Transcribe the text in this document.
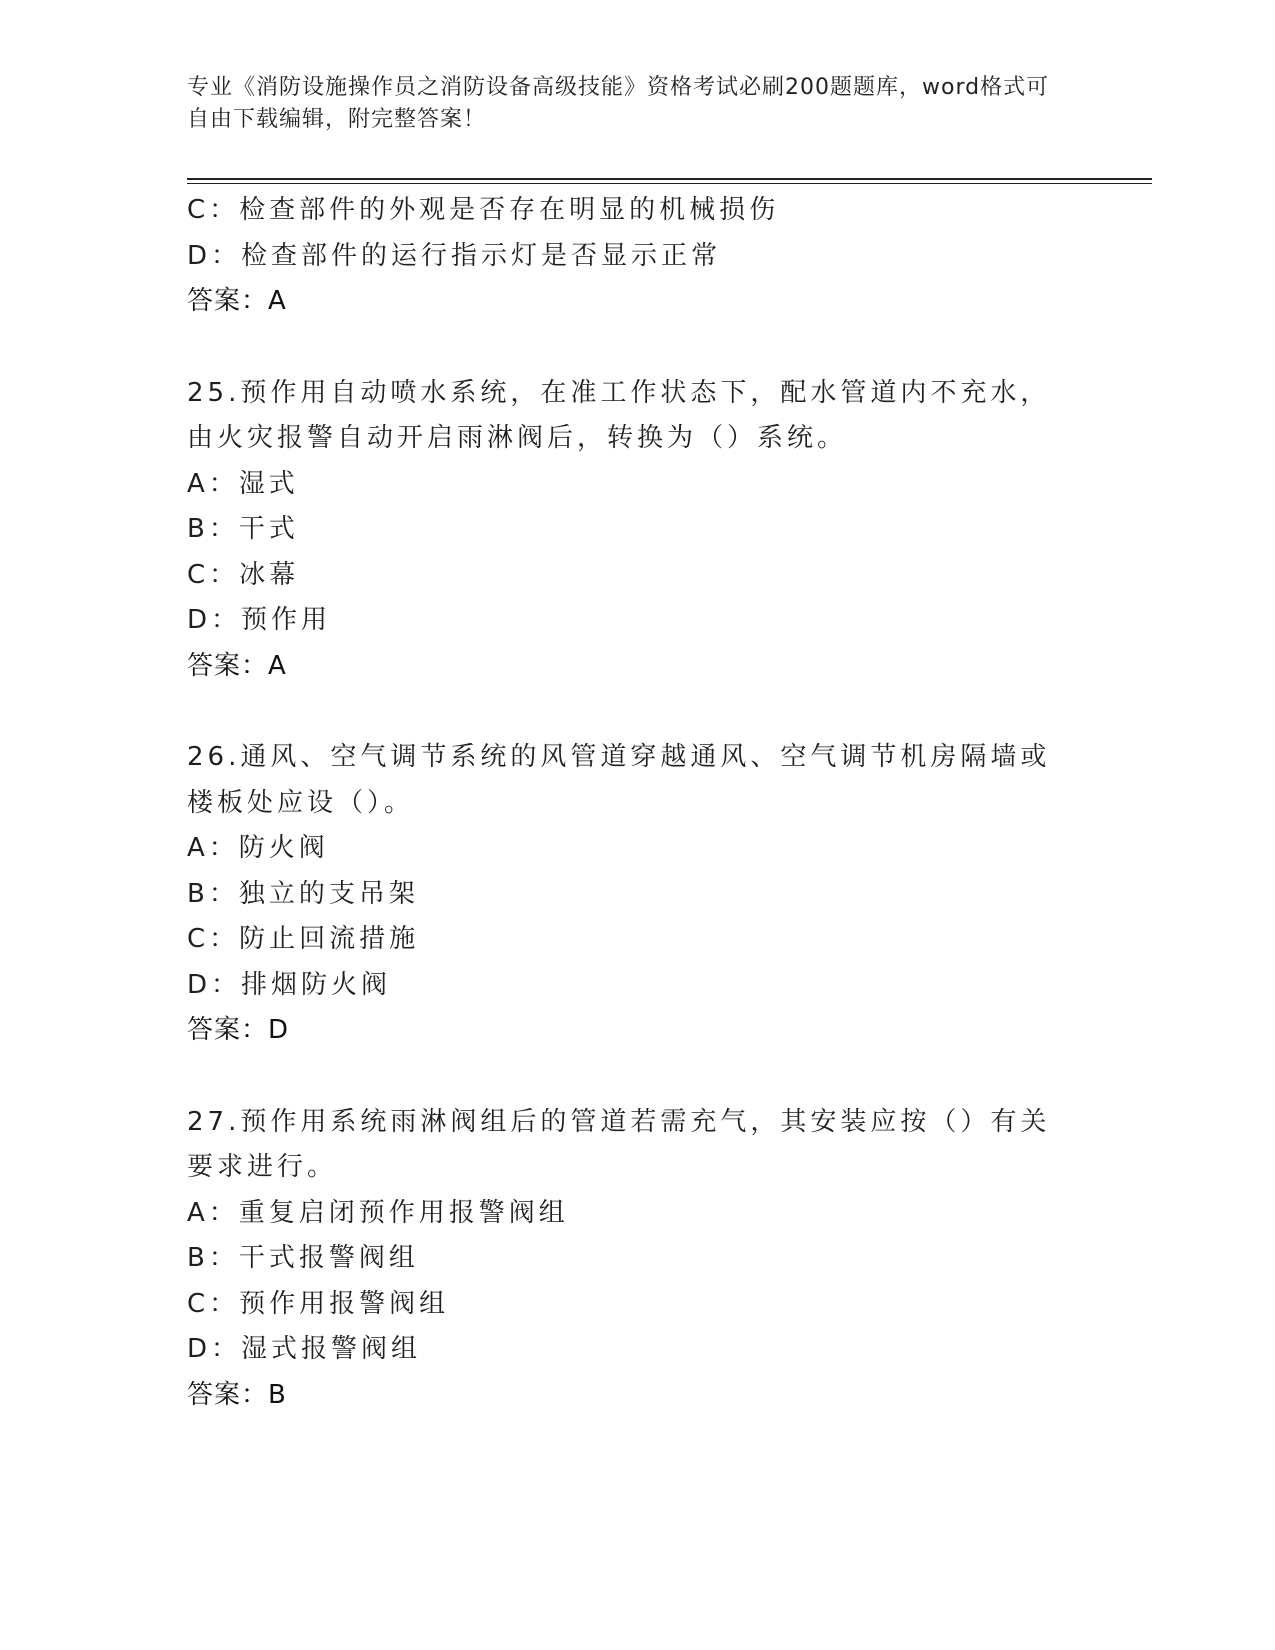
专业《消防设施操作员之消防设备高级技能》资格考试必刷200题题库，word格式可自由下载编辑，附完整答案！
C：检查部件的外观是否存在明显的机械损伤
D：检查部件的运行指示灯是否显示正常
答案：A
25.预作用自动喷水系统，在准工作状态下，配水管道内不充水，由火灾报警自动开启雨淋阀后，转换为（）系统。
A：湿式
B：干式
C：冰幕
D：预作用
答案：A
26.通风、空气调节系统的风管道穿越通风、空气调节机房隔墙或楼板处应设（）。
A：防火阀
B：独立的支吊架
C：防止回流措施
D：排烟防火阀
答案：D
27.预作用系统雨淋阀组后的管道若需充气，其安装应按（）有关要求进行。
A：重复启闭预作用报警阀组
B：干式报警阀组
C：预作用报警阀组
D：湿式报警阀组
答案：B
